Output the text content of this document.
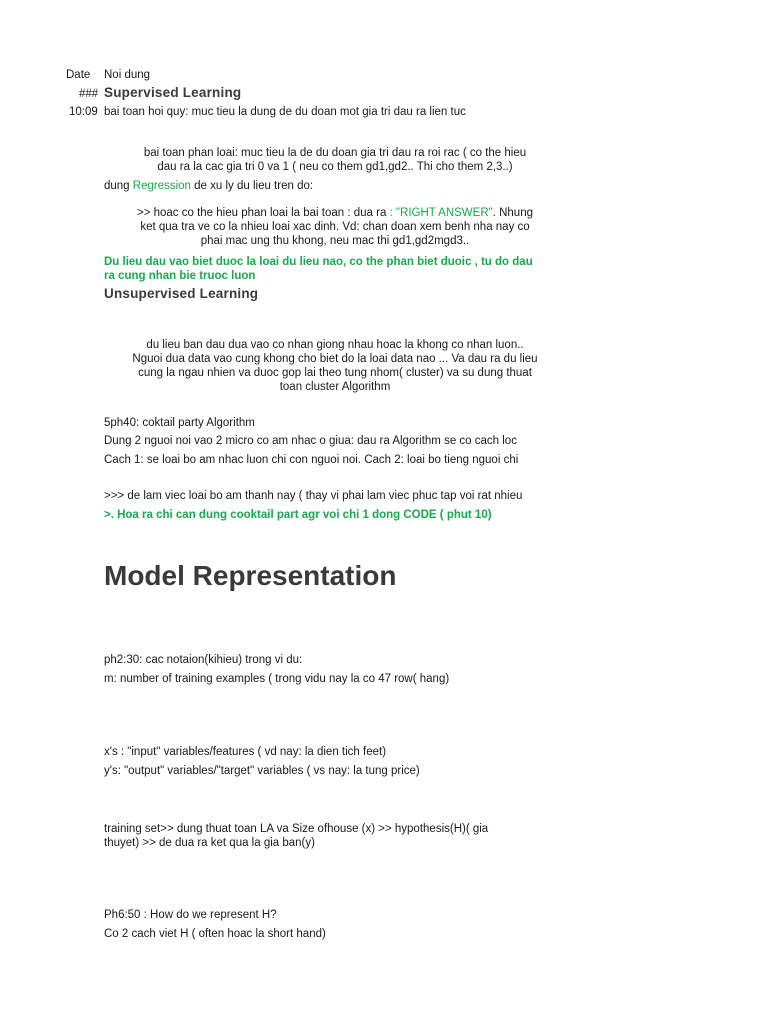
Date Noi dung
### Supervised Learning
10:09 bai toan hoi quy: muc tieu la dung de du doan mot gia tri dau ra lien tuc
bai toan phan loai: muc tieu la de du doan gia tri dau ra roi rac ( co the hieu
dau ra la cac gia tri 0 va 1 ( neu co them gd1,gd2.. Thi cho them 2,3..)
dung Regression de xu ly du lieu tren do:
>> hoac co the hieu phan loai la bai toan : dua ra : "RIGHT ANSWER". Nhung
ket qua tra ve co la nhieu loai xac dinh. Vd: chan doan xem benh nha nay co
phai mac ung thu khong, neu mac thi gd1,gd2mgd3..
Du lieu dau vao biet duoc la loai du lieu nao, co the phan biet duoic , tu do dau
ra cung nhan bie truoc luon
Unsupervised Learning
du lieu ban dau dua vao co nhan giong nhau hoac la khong co nhan luon..
Nguoi dua data vao cung khong cho biet do la loai data nao ... Va dau ra du lieu
cung la ngau nhien va duoc gop lai theo tung nhom( cluster) va su dung thuat
toan cluster Algorithm
5ph40: coktail party Algorithm
Dung 2 nguoi noi vao 2 micro co am nhac o giua: dau ra Algorithm se co cach loc
Cach 1: se loai bo am nhac luon chi con nguoi noi. Cach 2: loai bo tieng nguoi chi
>>> de lam viec loai bo am thanh nay ( thay vi phai lam viec phuc tap voi rat nhieu
>. Hoa ra chi can dung cooktail part agr voi chi 1 dong CODE ( phut 10)
Model Representation
ph2:30: cac notaion(kihieu) trong vi du:
m: number of training examples ( trong vidu nay la co 47 row( hang)
x's : "input" variables/features ( vd nay: la dien tich feet)
y's: "output" variables/"target" variables ( vs nay: la tung price)
training set>> dung thuat toan LA va Size ofhouse (x) >> hypothesis(H)( gia
thuyet) >> de dua ra ket qua la gia ban(y)
Ph6:50 : How do we represent H?
Co 2 cach viet H ( often hoac la short hand)
